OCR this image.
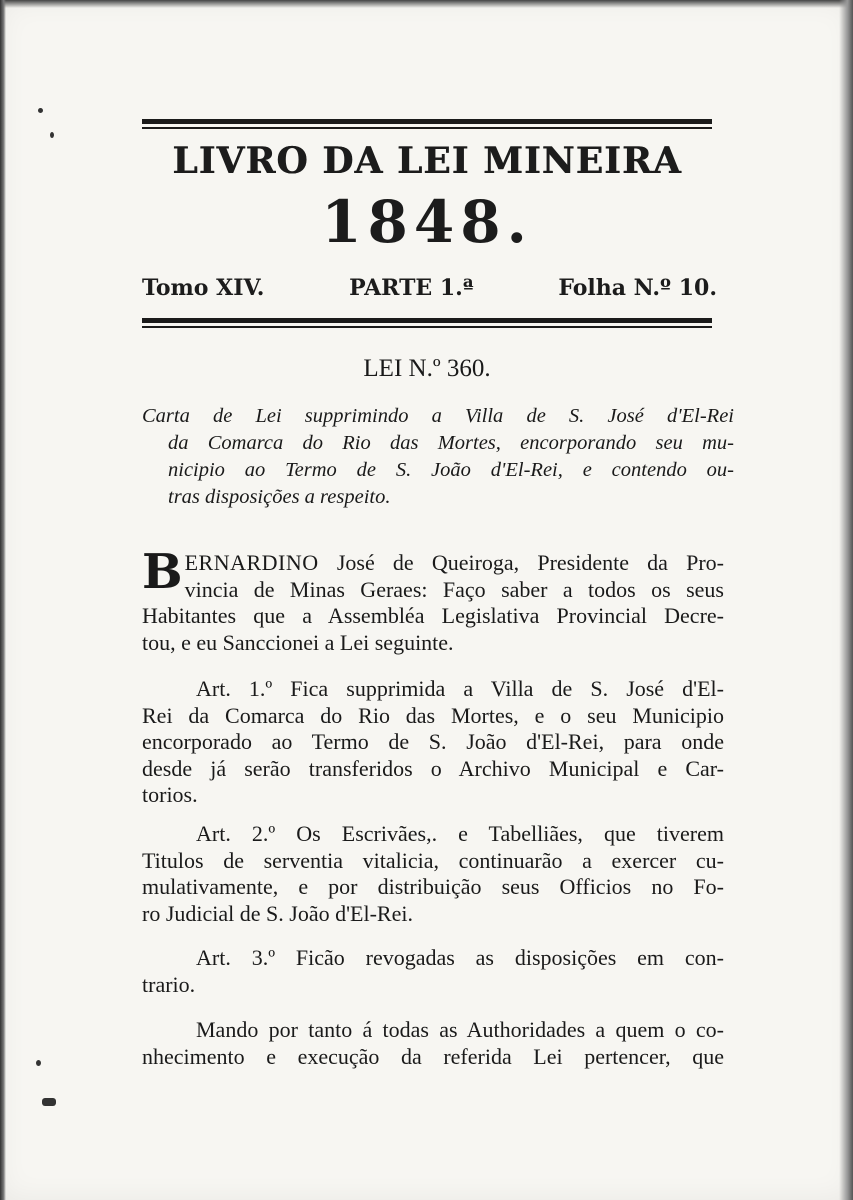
LIVRO DA LEI MINEIRA
1848.
Tomo XIV.	PARTE 1.ª	Folha N.º 10.
LEI N.º 360.
Carta de Lei supprimindo a Villa de S. José d'El-Rei
da Comarca do Rio das Mortes, encorporando seu mu-
nicipio ao Termo de S. João d'El-Rei, e contendo ou-
tras disposições a respeito.
B ERNARDINO José de Queiroga, Presidente da Pro-
vincia de Minas Geraes: Faço saber a todos os seus
Habitantes que a Assembléa Legislativa Provincial Decre-
tou, e eu Sanccionei a Lei seguinte.
Art. 1.º Fica supprimida a Villa de S. José d'El-
Rei da Comarca do Rio das Mortes, e o seu Municipio
encorporado ao Termo de S. João d'El-Rei, para onde
desde já serão transferidos o Archivo Municipal e Car-
torios.
Art. 2.º Os Escrivães,. e Tabelliães, que tiverem
Titulos de serventia vitalicia, continuarão a exercer cu-
mulativamente, e por distribuição seus Officios no Fo-
ro Judicial de S. João d'El-Rei.
Art. 3.º Ficão revogadas as disposições em con-
trario.
Mando por tanto á todas as Authoridades a quem o co-
nhecimento e execução da referida Lei pertencer, que
